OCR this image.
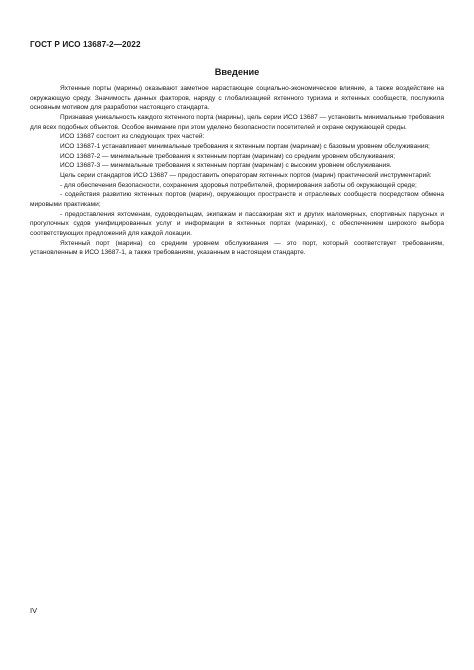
ГОСТ Р ИСО 13687-2—2022
Введение

Яхтенные порты (марины) оказывают заметное нарастающее социально-экономическое влияние, а также воздействие на окружающую среду. Значимость данных факторов, наряду с глобализацией яхтенного туризма и яхтенных сообществ, послужила основным мотивом для разработки настоящего стандарта.

Признавая уникальность каждого яхтенного порта (марины), цель серии ИСО 13687 — установить минимальные требования для всех подобных объектов. Особое внимание при этом уделено безопасности посетителей и охране окружающей среды.

ИСО 13687 состоит из следующих трех частей:

ИСО 13687-1 устанавливает минимальные требования к яхтенным портам (маринам) с базовым уровнем обслуживания;

ИСО 13687-2 — минимальные требования к яхтенным портам (маринам) со средним уровнем обслуживания;

ИСО 13687-3 — минимальные требования к яхтенным портам (маринам) с высоким уровнем обслуживания.

Цель серии стандартов ИСО 13687 — предоставить операторам яхтенных портов (марин) практический инструментарий:

- для обеспечения безопасности, сохранения здоровья потребителей, формирования заботы об окружающей среде;

- содействия развитию яхтенных портов (марин), окружающих пространств и отраслевых сообществ посредством обмена мировыми практиками;

- предоставления яхтсменам, судоводельцам, экипажам и пассажирам яхт и других маломерных, спортивных парусных и прогулочных судов унифицированных услуг и информации в яхтенных портах (маринах), с обеспечением широкого выбора соответствующих предложений для каждой локации.

Яхтенный порт (марина) со средним уровнем обслуживания — это порт, который соответствует требованиям, установленным в ИСО 13687-1, а также требованиям, указанным в настоящем стандарте.

IV
